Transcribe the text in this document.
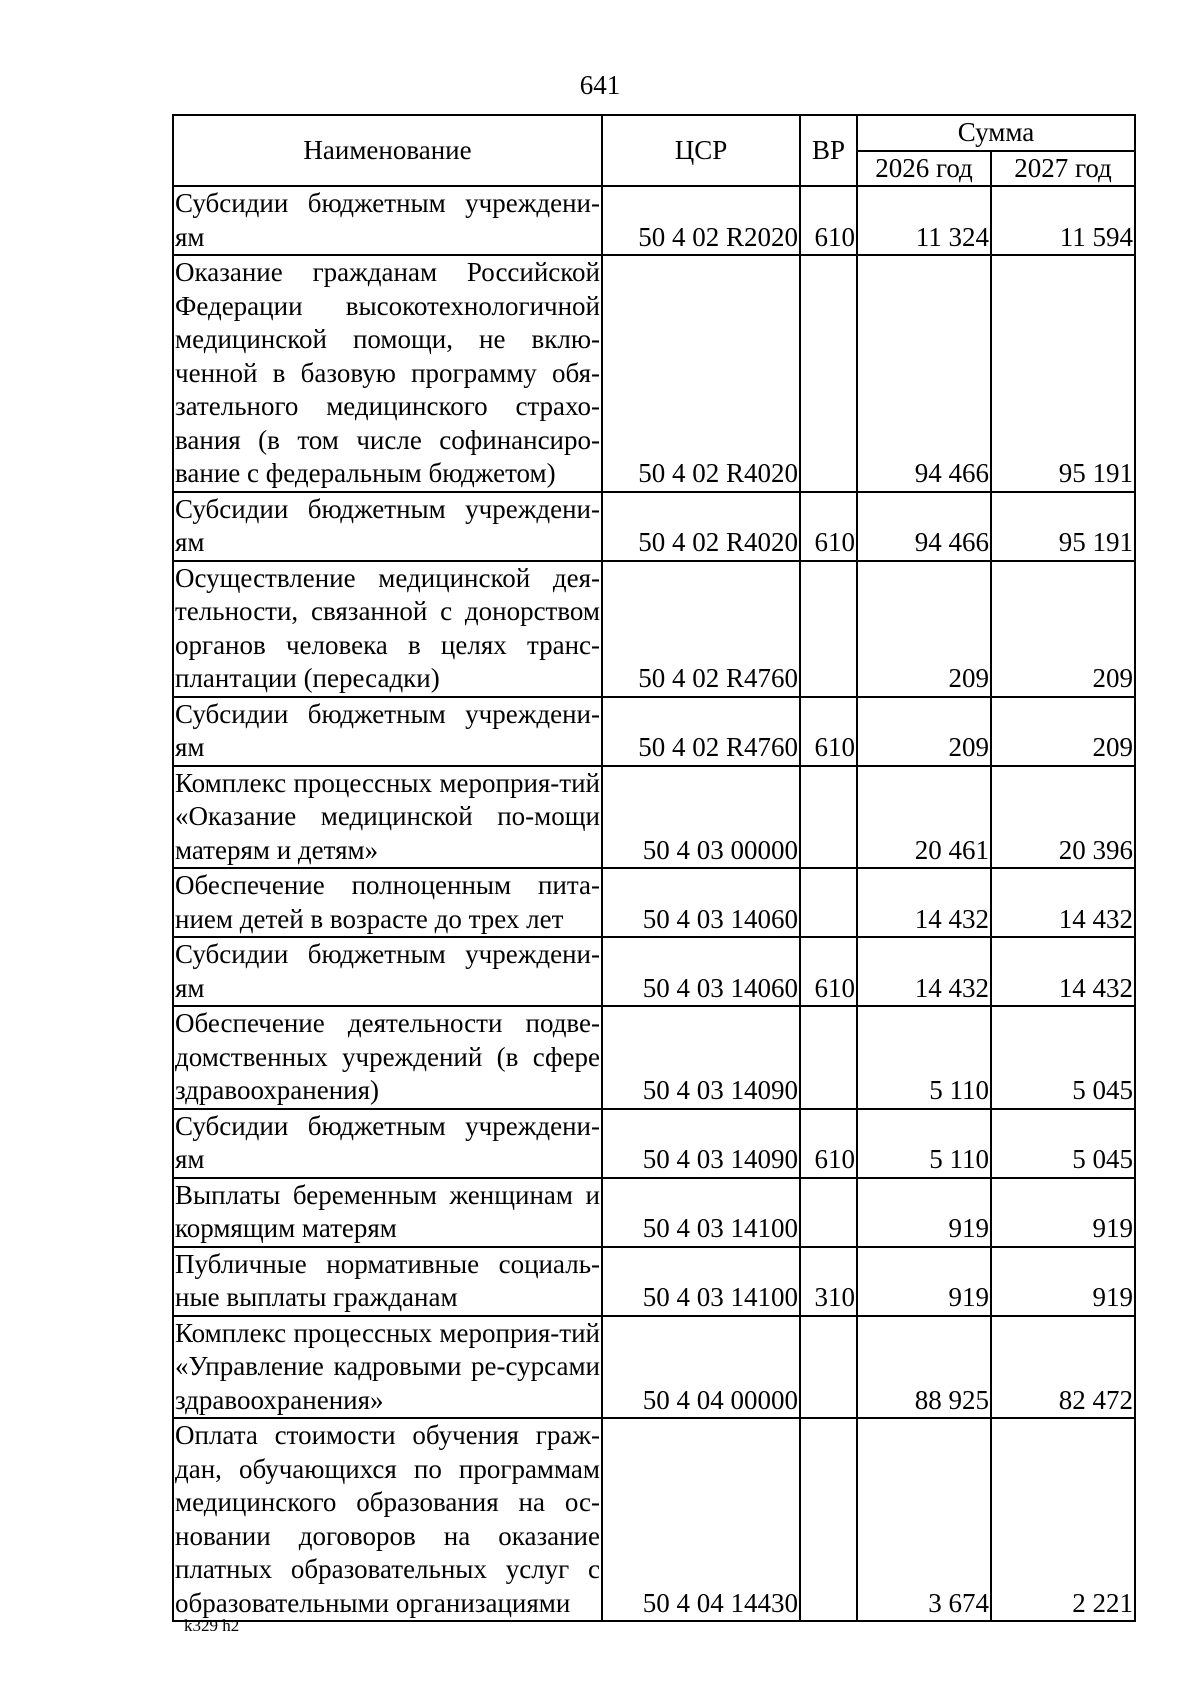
641
Наименование	ЦСР	ВР	Сумма	
			2026 год	2027 год
Субсидии бюджетным учреждени-ям	50 4 02 R2020	610	11 324	11 594
Оказание гражданам Российской Федерации высокотехнологичной медицинской помощи, не вклю-ченной в базовую программу обя-зательного медицинского страхо-вания (в том числе софинансиро-вание с федеральным бюджетом)	50 4 02 R4020		94 466	95 191
Субсидии бюджетным учреждени-ям	50 4 02 R4020	610	94 466	95 191
Осуществление медицинской дея-тельности, связанной с донорством органов человека в целях транс-плантации (пересадки)	50 4 02 R4760		209	209
Субсидии бюджетным учреждени-ям	50 4 02 R4760	610	209	209
Комплекс процессных мероприя-тий «Оказание медицинской по-мощи матерям и детям»	50 4 03 00000		20 461	20 396
Обеспечение полноценным пита-нием детей в возрасте до трех лет	50 4 03 14060		14 432	14 432
Субсидии бюджетным учреждени-ям	50 4 03 14060	610	14 432	14 432
Обеспечение деятельности подве-домственных учреждений (в сфере здравоохранения)	50 4 03 14090		5 110	5 045
Субсидии бюджетным учреждени-ям	50 4 03 14090	610	5 110	5 045
Выплаты беременным женщинам и кормящим матерям	50 4 03 14100		919	919
Публичные нормативные социаль-ные выплаты гражданам	50 4 03 14100	310	919	919
Комплекс процессных мероприя-тий «Управление кадровыми ре-сурсами здравоохранения»	50 4 04 00000		88 925	82 472
Оплата стоимости обучения граж-дан, обучающихся по программам медицинского образования на ос-новании договоров на оказание платных образовательных услуг с образовательными организациями	50 4 04 14430		3 674	2 221
k329 h2
